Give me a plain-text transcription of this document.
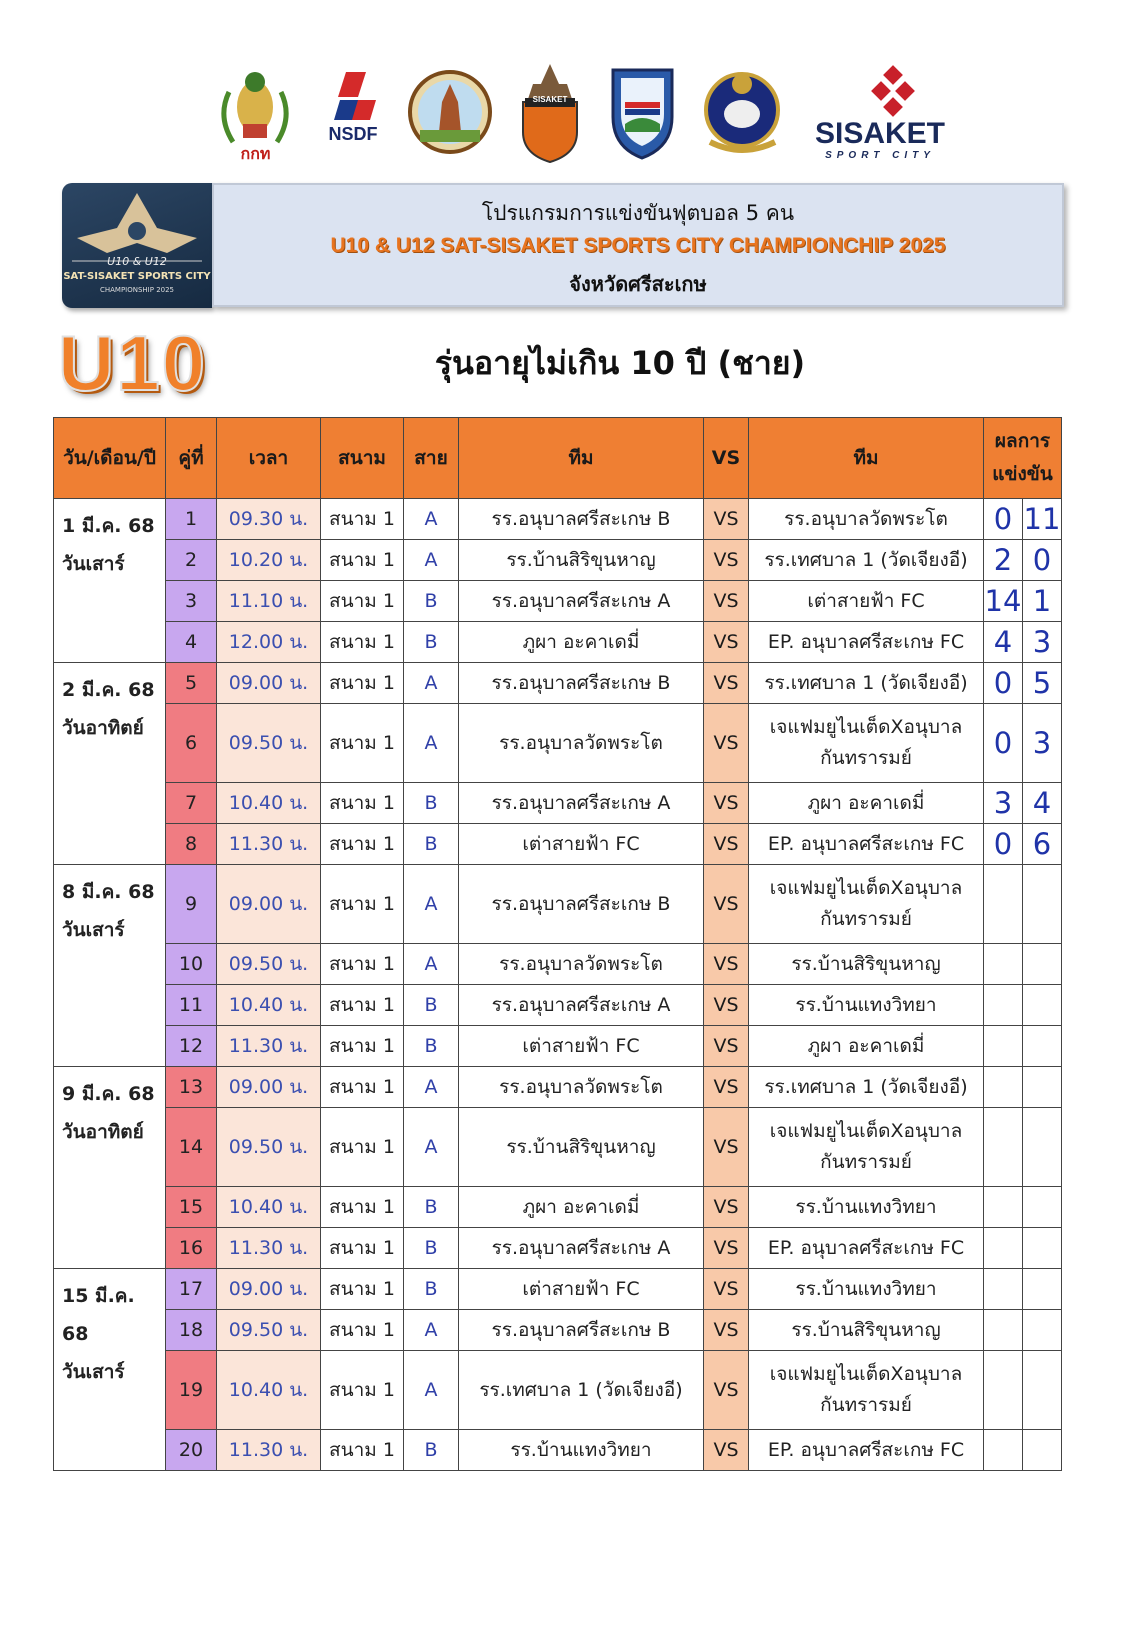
กกท
NSDF
SISAKET
SISAKET
SPORT CITY
U10 & U12
SAT-SISAKET SPORTS CITY
CHAMPIONSHIP 2025
โปรแกรมการแข่งขันฟุตบอล 5 คน
U10 & U12 SAT-SISAKET SPORTS CITY CHAMPIONCHIP 2025
จังหวัดศรีสะเกษ
U10	รุ่นอายุไม่เกิน 10 ปี (ชาย)
วัน/เดือน/ปี	คู่ที่	เวลา	สนาม	สาย	ทีม	VS	ทีม	ผลการ
แข่งขัน	

1 มี.ค. 68
วันเสาร์	1	09.30 น.	สนาม 1	A	รร.อนุบาลศรีสะเกษ B	VS	รร.อนุบาลวัดพระโต	0	11
	2	10.20 น.	สนาม 1	A	รร.บ้านสิริขุนหาญ	VS	รร.เทศบาล 1 (วัดเจียงอี)	2	0
	3	11.10 น.	สนาม 1	B	รร.อนุบาลศรีสะเกษ A	VS	เต่าสายฟ้า FC	14	1
	4	12.00 น.	สนาม 1	B	ภูผา อะคาเดมี่	VS	EP. อนุบาลศรีสะเกษ FC	4	3

2 มี.ค. 68
วันอาทิตย์	5	09.00 น.	สนาม 1	A	รร.อนุบาลศรีสะเกษ B	VS	รร.เทศบาล 1 (วัดเจียงอี)	0	5
	6	09.50 น.	สนาม 1	A	รร.อนุบาลวัดพระโต	VS	เจแฟมยูไนเต็ดXอนุบาล
กันทรารมย์	0	3
	7	10.40 น.	สนาม 1	B	รร.อนุบาลศรีสะเกษ A	VS	ภูผา อะคาเดมี่	3	4
	8	11.30 น.	สนาม 1	B	เต่าสายฟ้า FC	VS	EP. อนุบาลศรีสะเกษ FC	0	6

8 มี.ค. 68
วันเสาร์	9	09.00 น.	สนาม 1	A	รร.อนุบาลศรีสะเกษ B	VS	เจแฟมยูไนเต็ดXอนุบาล
กันทรารมย์		

	10	09.50 น.	สนาม 1	A	รร.อนุบาลวัดพระโต	VS	รร.บ้านสิริขุนหาญ		
	11	10.40 น.	สนาม 1	B	รร.อนุบาลศรีสะเกษ A	VS	รร.บ้านแทงวิทยา		
	12	11.30 น.	สนาม 1	B	เต่าสายฟ้า FC	VS	ภูผา อะคาเดมี่		

9 มี.ค. 68
วันอาทิตย์	13	09.00 น.	สนาม 1	A	รร.อนุบาลวัดพระโต	VS	รร.เทศบาล 1 (วัดเจียงอี)		
	14	09.50 น.	สนาม 1	A	รร.บ้านสิริขุนหาญ	VS	เจแฟมยูไนเต็ดXอนุบาล
กันทรารมย์		

	15	10.40 น.	สนาม 1	B	ภูผา อะคาเดมี่	VS	รร.บ้านแทงวิทยา		
	16	11.30 น.	สนาม 1	B	รร.อนุบาลศรีสะเกษ A	VS	EP. อนุบาลศรีสะเกษ FC		

15 มี.ค. 68
วันเสาร์	17	09.00 น.	สนาม 1	B	เต่าสายฟ้า FC	VS	รร.บ้านแทงวิทยา		
	18	09.50 น.	สนาม 1	A	รร.อนุบาลศรีสะเกษ B	VS	รร.บ้านสิริขุนหาญ		
	19	10.40 น.	สนาม 1	A	รร.เทศบาล 1 (วัดเจียงอี)	VS	เจแฟมยูไนเต็ดXอนุบาล
กันทรารมย์		

	20	11.30 น.	สนาม 1	B	รร.บ้านแทงวิทยา	VS	EP. อนุบาลศรีสะเกษ FC		
